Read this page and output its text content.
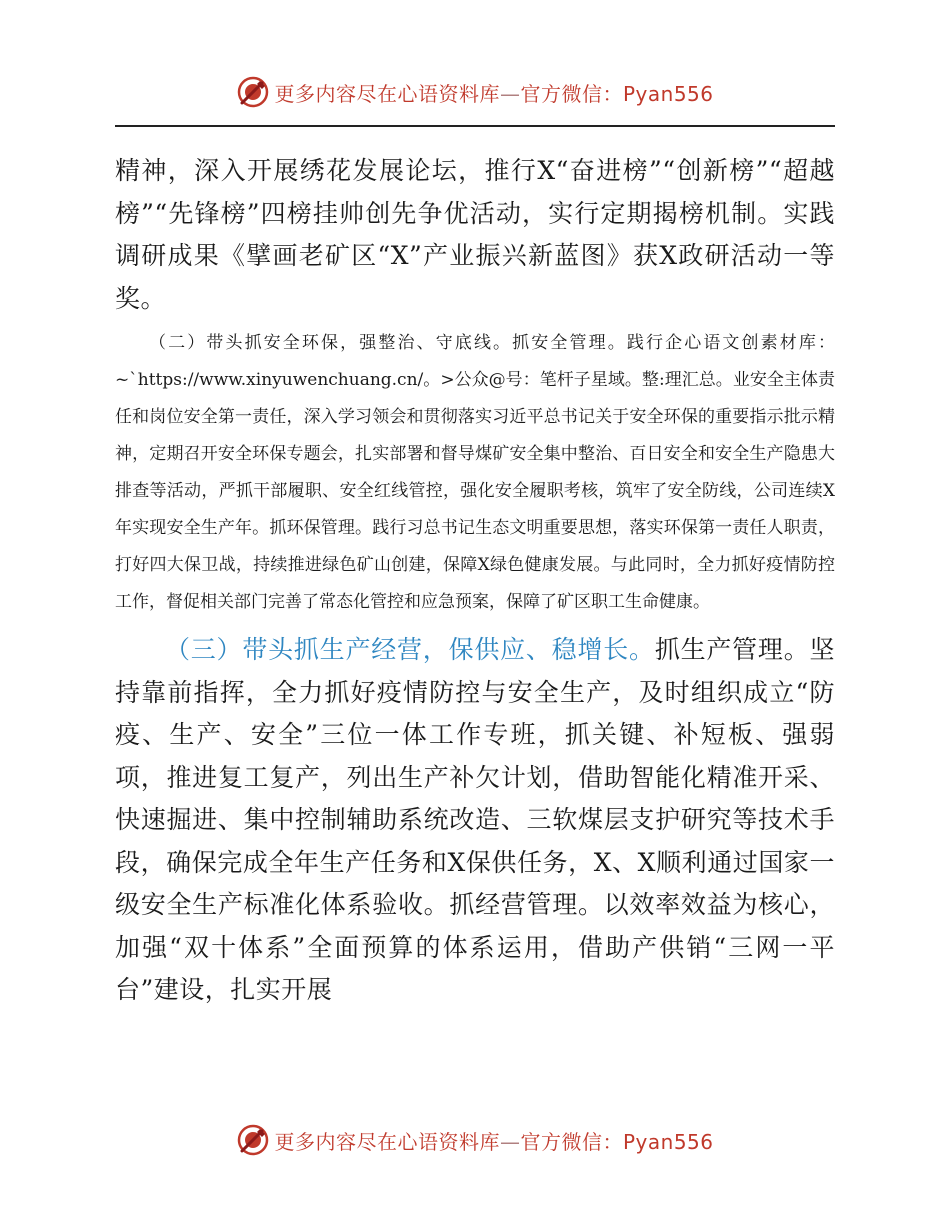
更多内容尽在心语资料库—官方微信：Pyan556

精神，深入开展绣花发展论坛，推行X“奋进榜”“创新榜”“超越榜”“先锋榜”四榜挂帅创先争优活动，实行定期揭榜机制。实践调研成果《擘画老矿区“X”产业振兴新蓝图》获X政研活动一等奖。

（二）带头抓安全环保，强整治、守底线。抓安全管理。践行企心语文创素材库：~`https://www.xinyuwenchuang.cn/。>公众@号：笔杆子星域。整:理汇总。业安全主体责任和岗位安全第一责任，深入学习领会和贯彻落实习近平总书记关于安全环保的重要指示批示精神，定期召开安全环保专题会，扎实部署和督导煤矿安全集中整治、百日安全和安全生产隐患大排查等活动，严抓干部履职、安全红线管控，强化安全履职考核，筑牢了安全防线，公司连续X年实现安全生产年。抓环保管理。践行习总书记生态文明重要思想，落实环保第一责任人职责，打好四大保卫战，持续推进绿色矿山创建，保障X绿色健康发展。与此同时，全力抓好疫情防控工作，督促相关部门完善了常态化管控和应急预案，保障了矿区职工生命健康。

（三）带头抓生产经营，保供应、稳增长。抓生产管理。坚持靠前指挥，全力抓好疫情防控与安全生产，及时组织成立“防疫、生产、安全”三位一体工作专班，抓关键、补短板、强弱项，推进复工复产，列出生产补欠计划，借助智能化精准开采、快速掘进、集中控制辅助系统改造、三软煤层支护研究等技术手段，确保完成全年生产任务和X保供任务，X、X顺利通过国家一级安全生产标准化体系验收。抓经营管理。以效率效益为核心，加强“双十体系”全面预算的体系运用，借助产供销“三网一平台”建设，扎实开展

更多内容尽在心语资料库—官方微信：Pyan556
